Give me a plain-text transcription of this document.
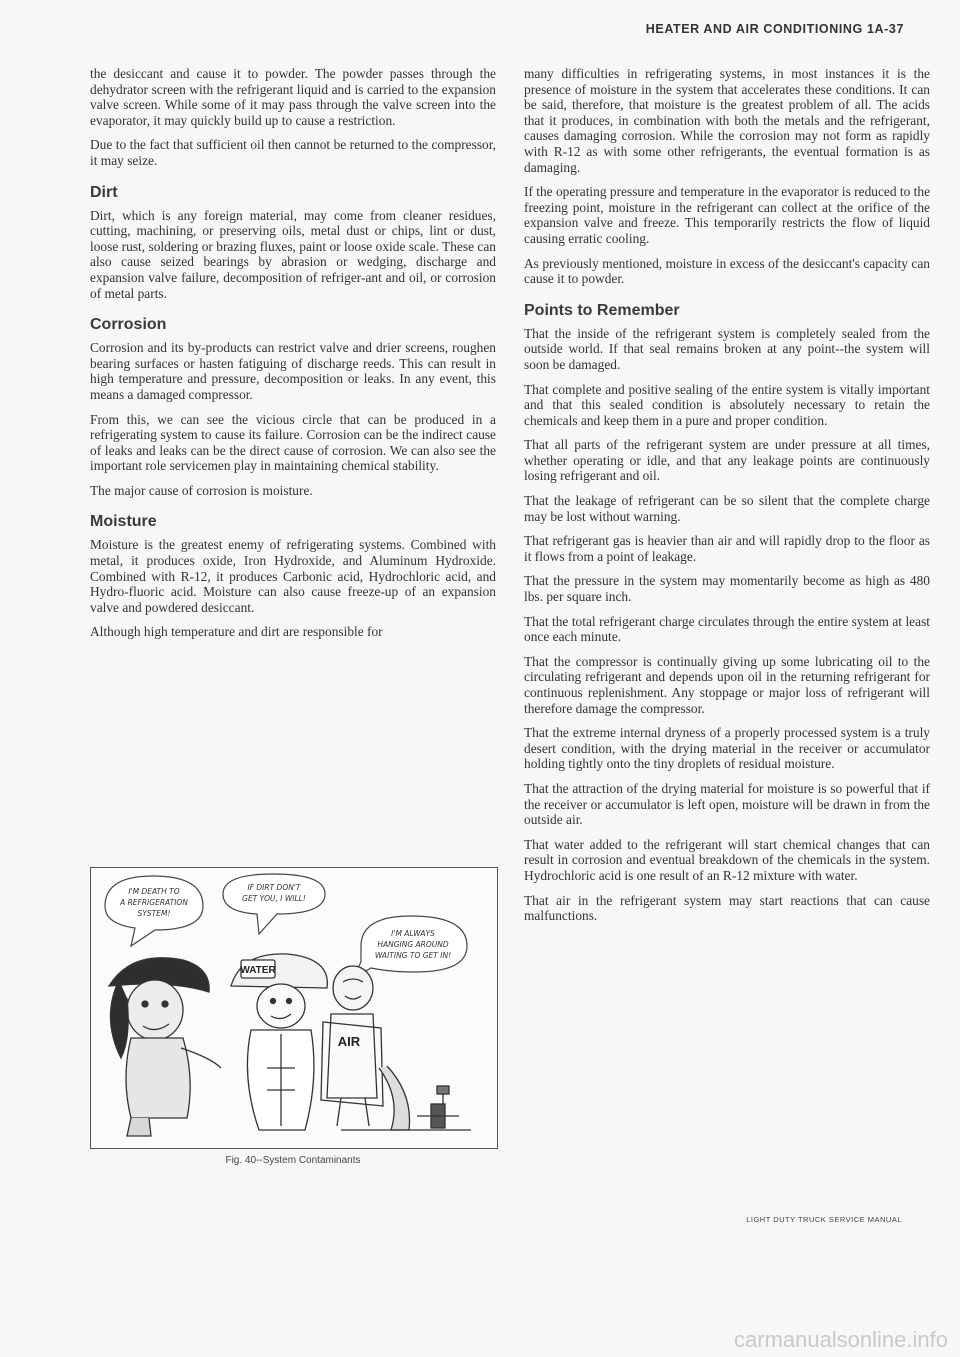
HEATER AND AIR CONDITIONING 1A-37

the desiccant and cause it to powder. The powder passes through the dehydrator screen with the refrigerant liquid and is carried to the expansion valve screen. While some of it may pass through the valve screen into the evaporator, it may quickly build up to cause a restriction.

Due to the fact that sufficient oil then cannot be returned to the compressor, it may seize.

Dirt

Dirt, which is any foreign material, may come from cleaner residues, cutting, machining, or preserving oils, metal dust or chips, lint or dust, loose rust, soldering or brazing fluxes, paint or loose oxide scale. These can also cause seized bearings by abrasion or wedging, discharge and expansion valve failure, decomposition of refriger-ant and oil, or corrosion of metal parts.

Corrosion

Corrosion and its by-products can restrict valve and drier screens, roughen bearing surfaces or hasten fatiguing of discharge reeds. This can result in high temperature and pressure, decomposition or leaks. In any event, this means a damaged compressor.

From this, we can see the vicious circle that can be produced in a refrigerating system to cause its failure. Corrosion can be the indirect cause of leaks and leaks can be the direct cause of corrosion. We can also see the important role servicemen play in maintaining chemical stability.

The major cause of corrosion is moisture.

Moisture

Moisture is the greatest enemy of refrigerating systems. Combined with metal, it produces oxide, Iron Hydroxide, and Aluminum Hydroxide. Combined with R-12, it produces Carbonic acid, Hydrochloric acid, and Hydro-fluoric acid. Moisture can also cause freeze-up of an expansion valve and powdered desiccant.

Although high temperature and dirt are responsible for

I'M DEATH TO
A REFRIGERATION
SYSTEM!
IF DIRT DON'T
GET YOU, I WILL!
I'M ALWAYS
HANGING AROUND
WAITING TO GET IN!
WATER
AIR
Fig. 40--System Contaminants

many difficulties in refrigerating systems, in most instances it is the presence of moisture in the system that accelerates these conditions. It can be said, therefore, that moisture is the greatest problem of all. The acids that it produces, in combination with both the metals and the refrigerant, causes damaging corrosion. While the corrosion may not form as rapidly with R-12 as with some other refrigerants, the eventual formation is as damaging.

If the operating pressure and temperature in the evaporator is reduced to the freezing point, moisture in the refrigerant can collect at the orifice of the expansion valve and freeze. This temporarily restricts the flow of liquid causing erratic cooling.

As previously mentioned, moisture in excess of the desiccant's capacity can cause it to powder.

Points to Remember

That the inside of the refrigerant system is completely sealed from the outside world. If that seal remains broken at any point--the system will soon be damaged.

That complete and positive sealing of the entire system is vitally important and that this sealed condition is absolutely necessary to retain the chemicals and keep them in a pure and proper condition.

That all parts of the refrigerant system are under pressure at all times, whether operating or idle, and that any leakage points are continuously losing refrigerant and oil.

That the leakage of refrigerant can be so silent that the complete charge may be lost without warning.

That refrigerant gas is heavier than air and will rapidly drop to the floor as it flows from a point of leakage.

That the pressure in the system may momentarily become as high as 480 lbs. per square inch.

That the total refrigerant charge circulates through the entire system at least once each minute.

That the compressor is continually giving up some lubricating oil to the circulating refrigerant and depends upon oil in the returning refrigerant for continuous replenishment. Any stoppage or major loss of refrigerant will therefore damage the compressor.

That the extreme internal dryness of a properly processed system is a truly desert condition, with the drying material in the receiver or accumulator holding tightly onto the tiny droplets of residual moisture.

That the attraction of the drying material for moisture is so powerful that if the receiver or accumulator is left open, moisture will be drawn in from the outside air.

That water added to the refrigerant will start chemical changes that can result in corrosion and eventual breakdown of the chemicals in the system. Hydrochloric acid is one result of an R-12 mixture with water.

That air in the refrigerant system may start reactions that can cause malfunctions.

LIGHT DUTY TRUCK SERVICE MANUAL
carmanualsonline.info
